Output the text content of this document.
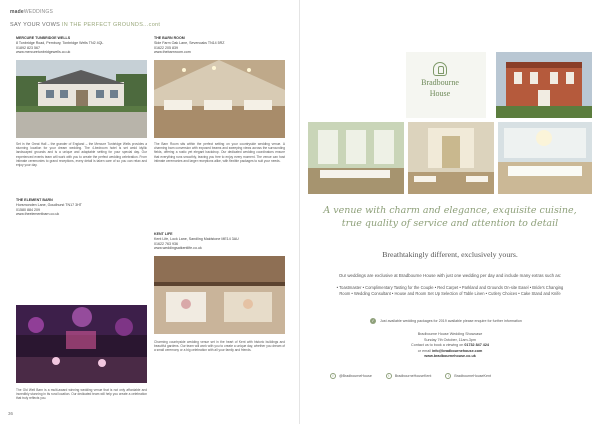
madeWEDDINGS
SAY YOUR VOWS IN THE PERFECT GROUNDS...cont
MERCURE TUNBRIDGE WELLS
8 Tonbridge Road, Pembury, Tonbridge Wells TN2 4QL
01892 823 567
www.mercuretunbridgewells.co.uk
Set in the Great Hall – the grander of England – the Mercure Tunbridge Wells provides a stunning location for your dream wedding. The 4-bedroom hotel is set amid idyllic landscaped grounds and is a unique and adaptable setting for your special day. Our experienced events team will work with you to create the perfect wedding celebration. From intimate ceremonies to grand receptions, every detail is taken care of so you can relax and enjoy your day.
THE ELEMENT BARN
Horsmonden Lane, Goudhurst TN17 3HT
01580 884 209
www.theelementbarn.co.uk
The Old Well Barn is a multi-award winning wedding venue that is not only affordable and incredibly stunning in its rural location. Our dedicated team will help you create a celebration that truly reflects you.
THE BARN ROOM
Side Farm Oak Lane, Sevenoaks TN14 5RZ
01622 205 839
www.thebarnroom.com
The Barn Room sits within the perfect setting on your countryside wedding venue. A charming barn conversion with exposed beams and sweeping views across the surrounding fields, offering a rustic yet elegant backdrop. Our dedicated wedding coordinators ensure that everything runs smoothly, leaving you free to enjoy every moment. The venue can host intimate ceremonies and larger receptions alike, with flexible packages to suit your needs.
KENT LIFE
Kent Life, Lock Lane, Sandling Maidstone ME14 3AU
01622 763 936
www.weddingsatkentlife.co.uk
Charming countryside wedding venue set in the heart of Kent with historic buildings and beautiful gardens. Our team will work with you to create a unique day, whether you dream of a small ceremony or a big celebration with all your family and friends.
36
Bradbourne
House
A venue with charm and elegance, exquisite cuisine, true quality of service and attention to detail
Breathtakingly different, exclusively yours.
Our weddings are exclusive at Bradbourne House with just one wedding per day and include many extras such as:
• Toastmaster • Complimentary Tasting for the Couple • Red Carpet • Parkland and Grounds On-site Easel • Bride's Changing Room • Wedding Consultant • House and Room Set Up Selection of Table Linen • Cutlery Choices • Cake Stand and Knife
✓	Just available wedding packages for 2019 available please enquire for further information
Bradbourne House Wedding Showcase
Sunday 7th October, 11am-3pm
Contact us to book a viewing on 01732 847 424
or email info@bradbournehouse.com
www.bradbournehouse.co.uk
f	@BradbourneHouse	t	BradbourneHouseKent	i	BradbourneHouseKent
